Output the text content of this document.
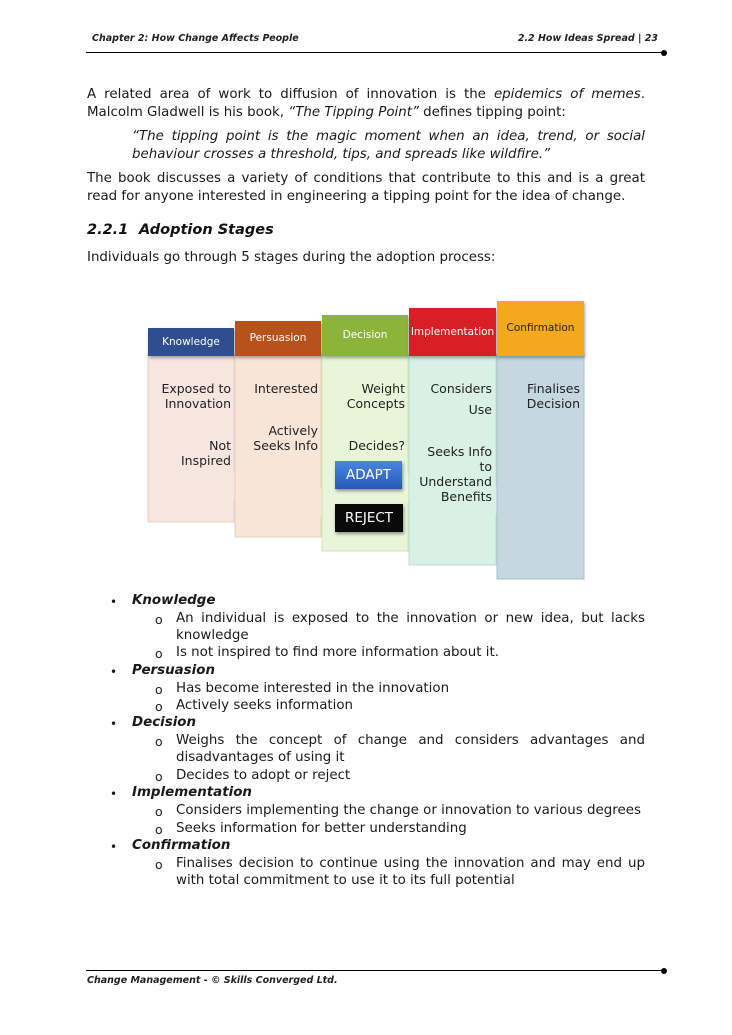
Chapter 2: How Change Affects People	2.2 How Ideas Spread | 23
A related area of work to diffusion of innovation is the epidemics of memes. Malcolm Gladwell is his book, “The Tipping Point” defines tipping point:
“The tipping point is the magic moment when an idea, trend, or social behaviour crosses a threshold, tips, and spreads like wildfire.”
The book discusses a variety of conditions that contribute to this and is a great read for anyone interested in engineering a tipping point for the idea of change.
2.2.1 Adoption Stages
Individuals go through 5 stages during the adoption process:
Knowledge	Persuasion	Decision	Implementation	Confirmation
Exposed to
Innovation
Not
Inspired
Interested
Actively
Seeks Info
Weight
Concepts
Decides?
Considers
Use
Seeks Info
to
Understand
Benefits
Finalises
Decision
ADAPT
REJECT
• Knowledge
o An individual is exposed to the innovation or new idea, but lacks knowledge
o Is not inspired to find more information about it.
• Persuasion
o Has become interested in the innovation
o Actively seeks information
• Decision
o Weighs the concept of change and considers advantages and disadvantages of using it
o Decides to adopt or reject
• Implementation
o Considers implementing the change or innovation to various degrees
o Seeks information for better understanding
• Confirmation
o Finalises decision to continue using the innovation and may end up with total commitment to use it to its full potential
Change Management - © Skills Converged Ltd.
